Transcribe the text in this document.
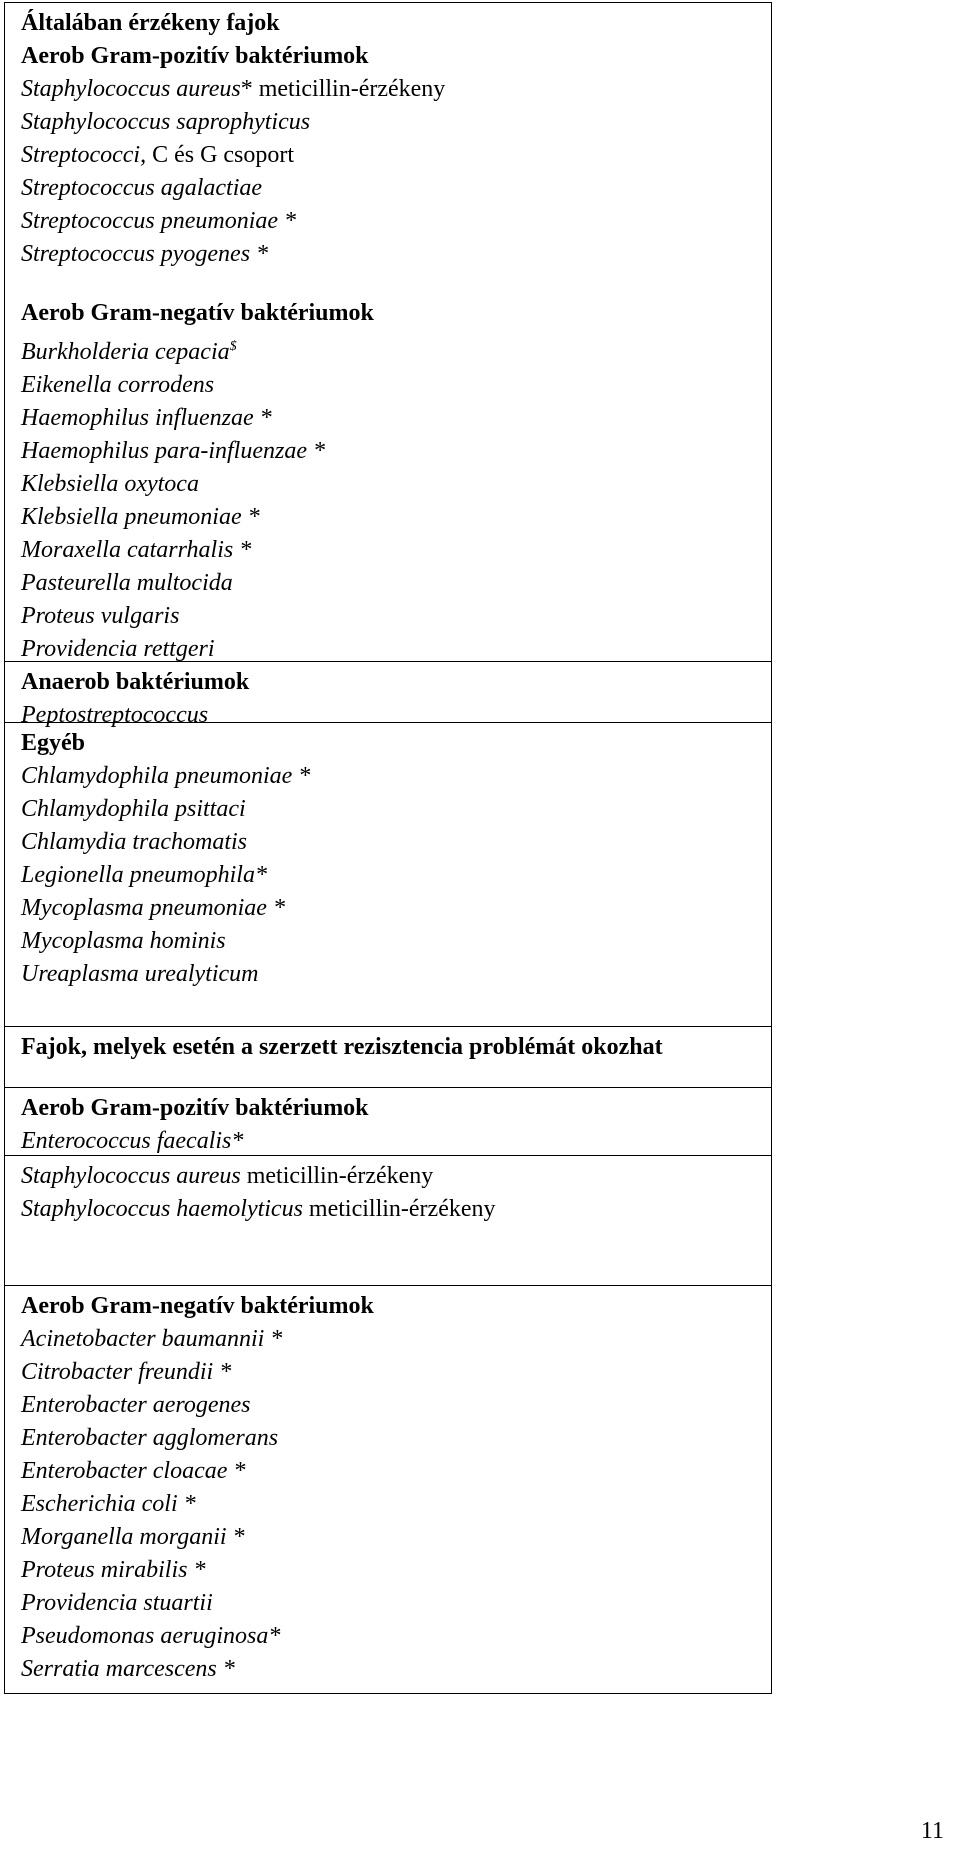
Általában érzékeny fajok
Aerob Gram-pozitív baktériumok
Staphylococcus aureus* meticillin-érzékeny
Staphylococcus saprophyticus
Streptococci, C és G csoport
Streptococcus agalactiae
Streptococcus pneumoniae *
Streptococcus pyogenes *
Aerob Gram-negatív baktériumok
Burkholderia cepacia$
Eikenella corrodens
Haemophilus influenzae *
Haemophilus para-influenzae *
Klebsiella oxytoca
Klebsiella pneumoniae *
Moraxella catarrhalis *
Pasteurella multocida
Proteus vulgaris
Providencia rettgeri
Anaerob baktériumok
Peptostreptococcus
Egyéb
Chlamydophila pneumoniae *
Chlamydophila psittaci
Chlamydia trachomatis
Legionella pneumophila*
Mycoplasma pneumoniae *
Mycoplasma hominis
Ureaplasma urealyticum
Fajok, melyek esetén a szerzett rezisztencia problémát okozhat
Aerob Gram-pozitív baktériumok
Enterococcus faecalis*
Staphylococcus aureus meticillin-érzékeny
Staphylococcus haemolyticus meticillin-érzékeny
Aerob Gram-negatív baktériumok
Acinetobacter baumannii *
Citrobacter freundii *
Enterobacter aerogenes
Enterobacter agglomerans
Enterobacter cloacae *
Escherichia coli *
Morganella morganii *
Proteus mirabilis *
Providencia stuartii
Pseudomonas aeruginosa*
Serratia marcescens *
11
